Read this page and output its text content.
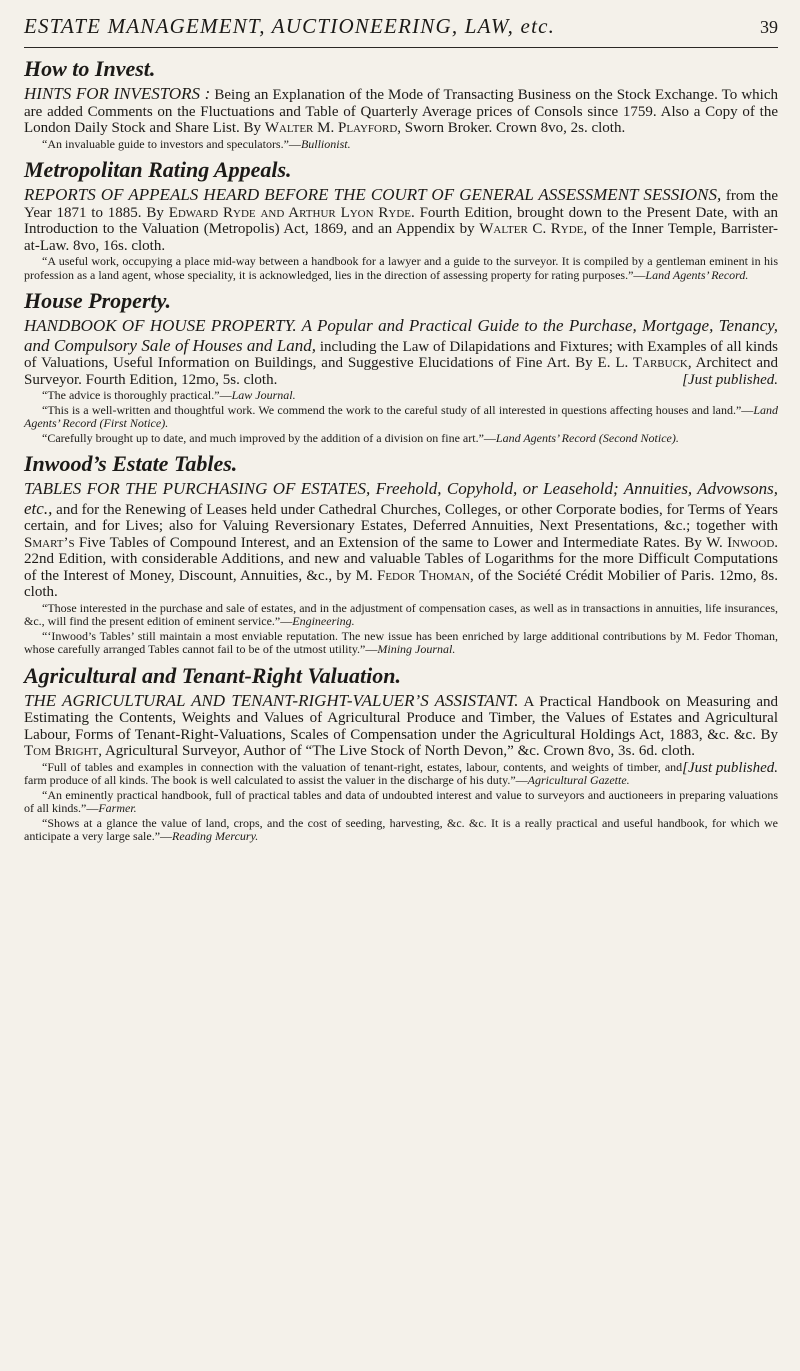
ESTATE MANAGEMENT, AUCTIONEERING, LAW, etc.	39
How to Invest.

HINTS FOR INVESTORS : Being an Explanation of the Mode of Transacting Business on the Stock Exchange. To which are added Comments on the Fluctuations and Table of Quarterly Average prices of Consols since 1759. Also a Copy of the London Daily Stock and Share List. By Walter M. Playford, Sworn Broker. Crown 8vo, 2s. cloth.

“An invaluable guide to investors and speculators.”—Bullionist.

Metropolitan Rating Appeals.

REPORTS OF APPEALS HEARD BEFORE THE COURT OF GENERAL ASSESSMENT SESSIONS, from the Year 1871 to 1885. By Edward Ryde and Arthur Lyon Ryde. Fourth Edition, brought down to the Present Date, with an Introduction to the Valuation (Metropolis) Act, 1869, and an Appendix by Walter C. Ryde, of the Inner Temple, Barrister-at-Law. 8vo, 16s. cloth.

“A useful work, occupying a place mid-way between a handbook for a lawyer and a guide to the surveyor. It is compiled by a gentleman eminent in his profession as a land agent, whose speciality, it is acknowledged, lies in the direction of assessing property for rating purposes.”—Land Agents’ Record.

House Property.

HANDBOOK OF HOUSE PROPERTY. A Popular and Practical Guide to the Purchase, Mortgage, Tenancy, and Compulsory Sale of Houses and Land, including the Law of Dilapidations and Fixtures; with Examples of all kinds of Valuations, Useful Information on Buildings, and Suggestive Elucidations of Fine Art. By E. L. Tarbuck, Architect and Surveyor. Fourth Edition, 12mo, 5s. cloth.	[Just published.

“The advice is thoroughly practical.”—Law Journal.

“This is a well-written and thoughtful work. We commend the work to the careful study of all interested in questions affecting houses and land.”—Land Agents’ Record (First Notice).

“Carefully brought up to date, and much improved by the addition of a division on fine art.”—Land Agents’ Record (Second Notice).

Inwood’s Estate Tables.

TABLES FOR THE PURCHASING OF ESTATES, Freehold, Copyhold, or Leasehold; Annuities, Advowsons, etc., and for the Renewing of Leases held under Cathedral Churches, Colleges, or other Corporate bodies, for Terms of Years certain, and for Lives; also for Valuing Reversionary Estates, Deferred Annuities, Next Presentations, &c.; together with Smart’s Five Tables of Compound Interest, and an Extension of the same to Lower and Intermediate Rates. By W. Inwood. 22nd Edition, with considerable Additions, and new and valuable Tables of Logarithms for the more Difficult Computations of the Interest of Money, Discount, Annuities, &c., by M. Fedor Thoman, of the Société Crédit Mobilier of Paris. 12mo, 8s. cloth.

“Those interested in the purchase and sale of estates, and in the adjustment of compensation cases, as well as in transactions in annuities, life insurances, &c., will find the present edition of eminent service.”—Engineering.

“‘Inwood’s Tables’ still maintain a most enviable reputation. The new issue has been enriched by large additional contributions by M. Fedor Thoman, whose carefully arranged Tables cannot fail to be of the utmost utility.”—Mining Journal.

Agricultural and Tenant-Right Valuation.

THE AGRICULTURAL AND TENANT-RIGHT-VALUER’S ASSISTANT. A Practical Handbook on Measuring and Estimating the Contents, Weights and Values of Agricultural Produce and Timber, the Values of Estates and Agricultural Labour, Forms of Tenant-Right-Valuations, Scales of Compensation under the Agricultural Holdings Act, 1883, &c. &c. By Tom Bright, Agricultural Surveyor, Author of “The Live Stock of North Devon,” &c. Crown 8vo, 3s. 6d. cloth.
[Just published.

“Full of tables and examples in connection with the valuation of tenant-right, estates, labour, contents, and weights of timber, and farm produce of all kinds. The book is well calculated to assist the valuer in the discharge of his duty.”—Agricultural Gazette.

“An eminently practical handbook, full of practical tables and data of undoubted interest and value to surveyors and auctioneers in preparing valuations of all kinds.”—Farmer.

“Shows at a glance the value of land, crops, and the cost of seeding, harvesting, &c. &c. It is a really practical and useful handbook, for which we anticipate a very large sale.”—Reading Mercury.
